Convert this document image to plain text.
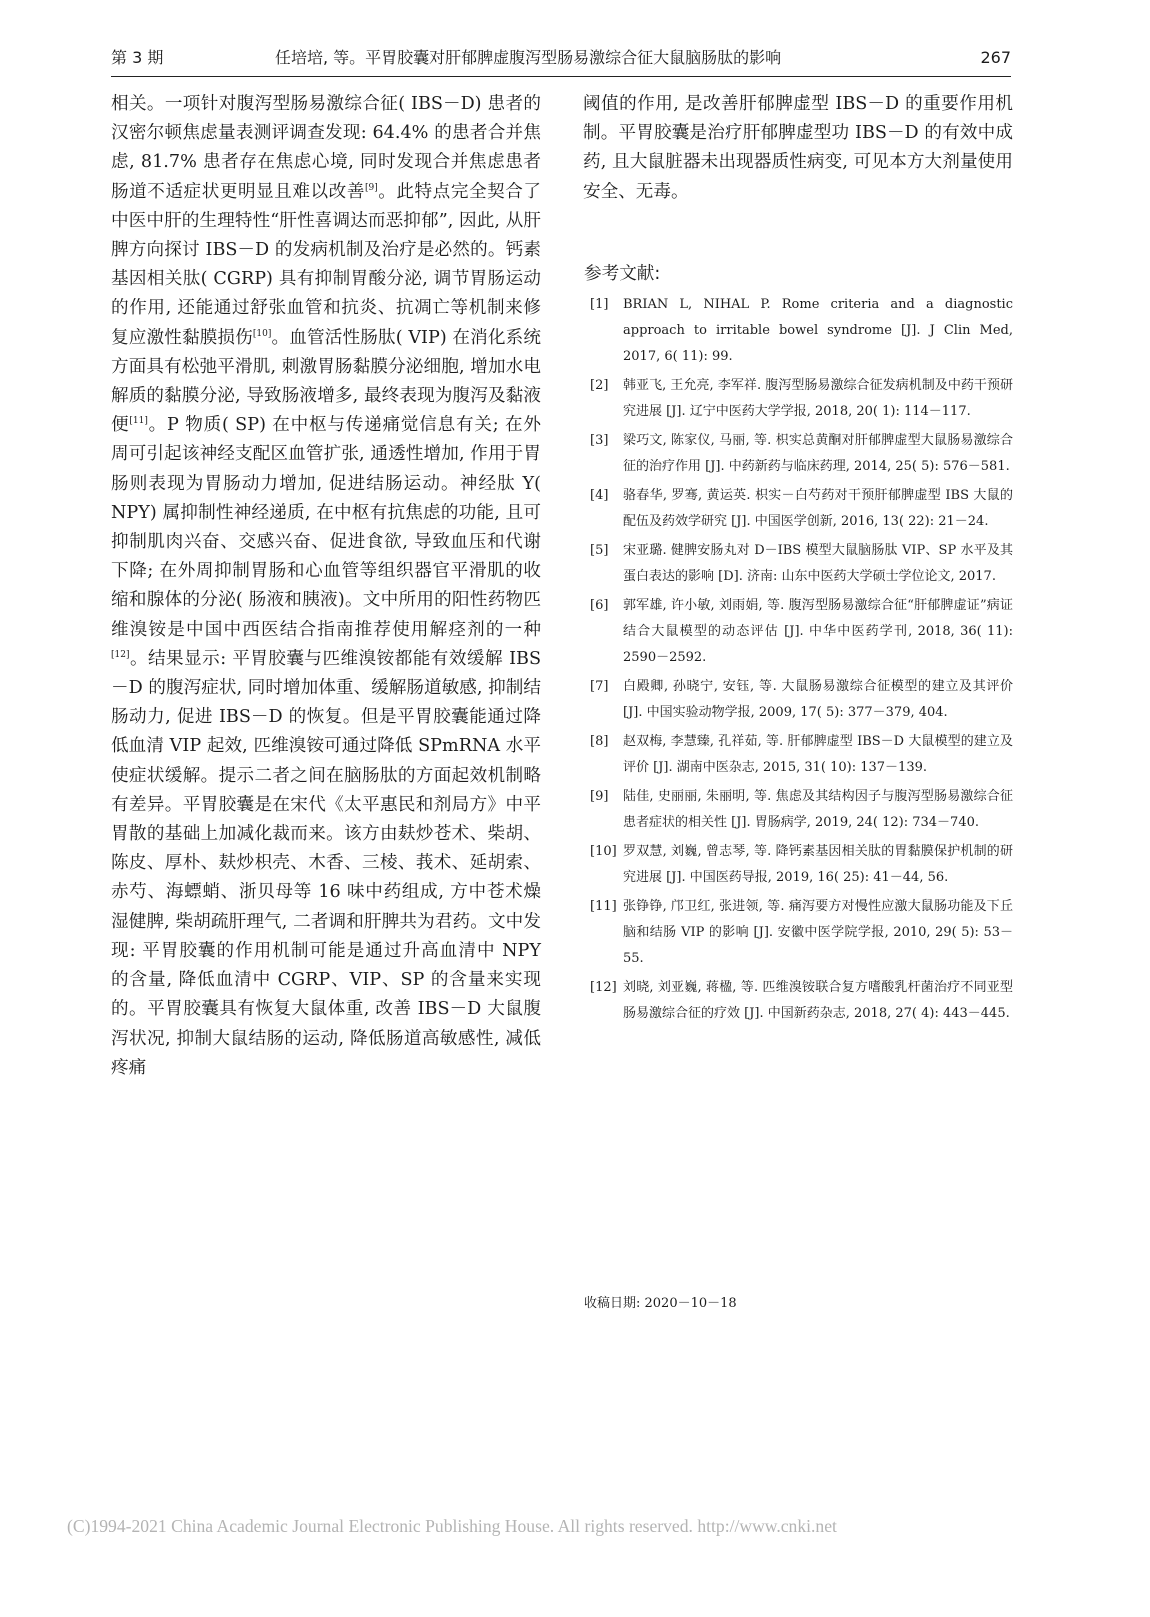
第 3 期	任培培, 等。平胃胶囊对肝郁脾虚腹泻型肠易激综合征大鼠脑肠肽的影响	267

相关。一项针对腹泻型肠易激综合征( IBS－D) 患者的汉密尔顿焦虑量表测评调查发现: 64.4% 的患者合并焦虑, 81.7% 患者存在焦虑心境, 同时发现合并焦虑患者肠道不适症状更明显且难以改善[9]。此特点完全契合了中医中肝的生理特性“肝性喜调达而恶抑郁”, 因此, 从肝脾方向探讨 IBS－D 的发病机制及治疗是必然的。钙素基因相关肽( CGRP) 具有抑制胃酸分泌, 调节胃肠运动的作用, 还能通过舒张血管和抗炎、抗凋亡等机制来修复应激性黏膜损伤[10]。血管活性肠肽( VIP) 在消化系统方面具有松弛平滑肌, 刺激胃肠黏膜分泌细胞, 增加水电解质的黏膜分泌, 导致肠液增多, 最终表现为腹泻及黏液便[11]。P 物质( SP) 在中枢与传递痛觉信息有关; 在外周可引起该神经支配区血管扩张, 通透性增加, 作用于胃肠则表现为胃肠动力增加, 促进结肠运动。神经肽 Y( NPY) 属抑制性神经递质, 在中枢有抗焦虑的功能, 且可抑制肌肉兴奋、交感兴奋、促进食欲, 导致血压和代谢下降; 在外周抑制胃肠和心血管等组织器官平滑肌的收缩和腺体的分泌( 肠液和胰液)。文中所用的阳性药物匹维溴铵是中国中西医结合指南推荐使用解痉剂的一种[12]。结果显示: 平胃胶囊与匹维溴铵都能有效缓解 IBS－D 的腹泻症状, 同时增加体重、缓解肠道敏感, 抑制结肠动力, 促进 IBS－D 的恢复。但是平胃胶囊能通过降低血清 VIP 起效, 匹维溴铵可通过降低 SPmRNA 水平使症状缓解。提示二者之间在脑肠肽的方面起效机制略有差异。平胃胶囊是在宋代《太平惠民和剂局方》中平胃散的基础上加减化裁而来。该方由麸炒苍术、柴胡、陈皮、厚朴、麸炒枳壳、木香、三棱、莪术、延胡索、赤芍、海螵蛸、浙贝母等 16 味中药组成, 方中苍术燥湿健脾, 柴胡疏肝理气, 二者调和肝脾共为君药。文中发现: 平胃胶囊的作用机制可能是通过升高血清中 NPY 的含量, 降低血清中 CGRP、VIP、SP 的含量来实现的。平胃胶囊具有恢复大鼠体重, 改善 IBS－D 大鼠腹泻状况, 抑制大鼠结肠的运动, 降低肠道高敏感性, 减低疼痛

阈值的作用, 是改善肝郁脾虚型 IBS－D 的重要作用机制。平胃胶囊是治疗肝郁脾虚型功 IBS－D 的有效中成药, 且大鼠脏器未出现器质性病变, 可见本方大剂量使用安全、无毒。

参考文献:
[1]	BRIAN L, NIHAL P. Rome criteria and a diagnostic approach to irritable bowel syndrome [J]. J Clin Med, 2017, 6( 11): 99.
[2]	韩亚飞, 王允亮, 李军祥. 腹泻型肠易激综合征发病机制及中药干预研究进展 [J]. 辽宁中医药大学学报, 2018, 20( 1): 114－117.
[3]	梁巧文, 陈家仪, 马丽, 等. 枳实总黄酮对肝郁脾虚型大鼠肠易激综合征的治疗作用 [J]. 中药新药与临床药理, 2014, 25( 5): 576－581.
[4]	骆春华, 罗骞, 黄运英. 枳实－白芍药对干预肝郁脾虚型 IBS 大鼠的配伍及药效学研究 [J]. 中国医学创新, 2016, 13( 22): 21－24.
[5]	宋亚璐. 健脾安肠丸对 D－IBS 模型大鼠脑肠肽 VIP、SP 水平及其蛋白表达的影响 [D]. 济南: 山东中医药大学硕士学位论文, 2017.
[6]	郭军雄, 许小敏, 刘雨娟, 等. 腹泻型肠易激综合征“肝郁脾虚证”病证结合大鼠模型的动态评估 [J]. 中华中医药学刊, 2018, 36( 11): 2590－2592.
[7]	白殿卿, 孙晓宁, 安钰, 等. 大鼠肠易激综合征模型的建立及其评价 [J]. 中国实验动物学报, 2009, 17( 5): 377－379, 404.
[8]	赵双梅, 李慧臻, 孔祥茹, 等. 肝郁脾虚型 IBS－D 大鼠模型的建立及评价 [J]. 湖南中医杂志, 2015, 31( 10): 137－139.
[9]	陆佳, 史丽丽, 朱丽明, 等. 焦虑及其结构因子与腹泻型肠易激综合征患者症状的相关性 [J]. 胃肠病学, 2019, 24( 12): 734－740.
[10] 罗双慧, 刘巍, 曾志琴, 等. 降钙素基因相关肽的胃黏膜保护机制的研究进展 [J]. 中国医药导报, 2019, 16( 25): 41－44, 56.
[11] 张铮铮, 邝卫红, 张进领, 等. 痛泻要方对慢性应激大鼠肠功能及下丘脑和结肠 VIP 的影响 [J]. 安徽中医学院学报, 2010, 29( 5): 53－55.
[12] 刘晓, 刘亚巍, 蒋楹, 等. 匹维溴铵联合复方嗜酸乳杆菌治疗不同亚型肠易激综合征的疗效 [J]. 中国新药杂志, 2018, 27( 4): 443－445.
收稿日期: 2020－10－18
(C)1994-2021 China Academic Journal Electronic Publishing House. All rights reserved. http://www.cnki.net
